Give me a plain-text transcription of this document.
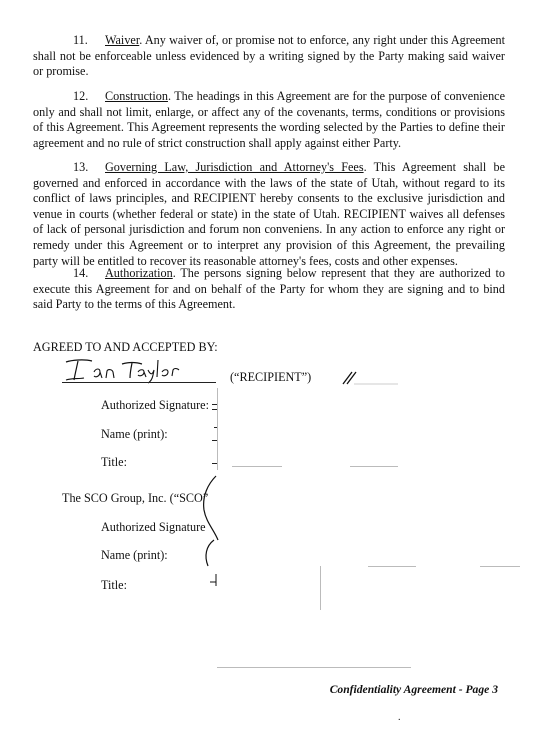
11. Waiver. Any waiver of, or promise not to enforce, any right under this Agreement shall not be enforceable unless evidenced by a writing signed by the Party making said waiver or promise.

12. Construction. The headings in this Agreement are for the purpose of convenience only and shall not limit, enlarge, or affect any of the covenants, terms, conditions or provisions of this Agreement. This Agreement represents the wording selected by the Parties to define their agreement and no rule of strict construction shall apply against either Party.

13. Governing Law, Jurisdiction and Attorney's Fees. This Agreement shall be governed and enforced in accordance with the laws of the state of Utah, without regard to its conflict of laws principles, and RECIPIENT hereby consents to the exclusive jurisdiction and venue in courts (whether federal or state) in the state of Utah. RECIPIENT waives all defenses of lack of personal jurisdiction and forum non conveniens. In any action to enforce any right or remedy under this Agreement or to interpret any provision of this Agreement, the prevailing party will be entitled to recover its reasonable attorney's fees, costs and other expenses.

14. Authorization. The persons signing below represent that they are authorized to execute this Agreement for and on behalf of the Party for whom they are signing and to bind said Party to the terms of this Agreement.

AGREED TO AND ACCEPTED BY:
(“RECIPIENT”)
Authorized Signature:
Name (print):
Title:
The SCO Group, Inc. (“SCO”
Authorized Signature
Name (print):
Title:
Confidentiality Agreement - Page 3
.
